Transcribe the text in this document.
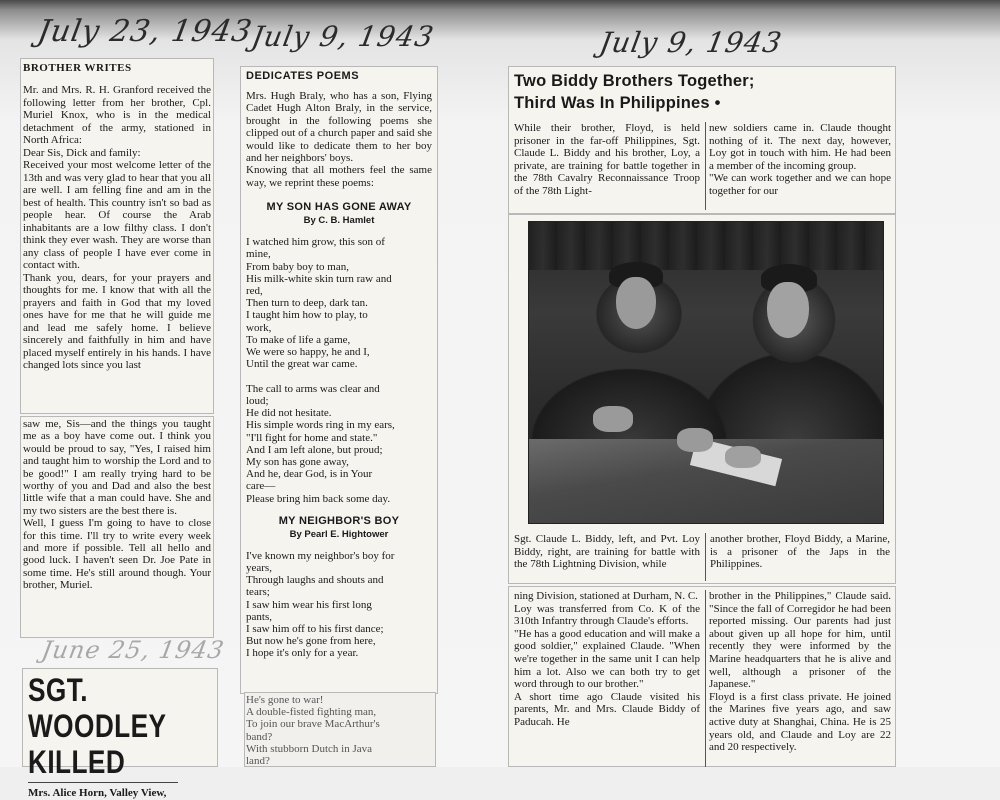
July 23, 1943
July 9, 1943	July 9, 1943

BROTHER WRITES

Mr. and Mrs. R. H. Granford received the following letter from her brother, Cpl. Muriel Knox, who is in the medical detachment of the army, stationed in North Africa:
Dear Sis, Dick and family:
Received your most welcome letter of the 13th and was very glad to hear that you all are well. I am felling fine and am in the best of health. This country isn't so bad as people hear. Of course the Arab inhabitants are a low filthy class. I don't think they ever wash. They are worse than any class of people I have ever come in contact with.
Thank you, dears, for your prayers and thoughts for me. I know that with all the prayers and faith in God that my loved ones have for me that he will guide me and lead me safely home. I believe sincerely and faithfully in him and have placed myself entirely in his hands. I have changed lots since you last

saw me, Sis—and the things you taught me as a boy have come out. I think you would be proud to say, "Yes, I raised him and taught him to worship the Lord and to be good!" I am really trying hard to be worthy of you and Dad and also the best little wife that a man could have. She and my two sisters are the best there is.
Well, I guess I'm going to have to close for this time. I'll try to write every week and more if possible. Tell all hello and good luck. I haven't seen Dr. Joe Pate in some time. He's still around though. Your brother, Muriel.

June 25, 1943

SGT. WOODLEY

KILLED

Mrs. Alice Horn, Valley View,

DEDICATES POEMS

Mrs. Hugh Braly, who has a son, Flying Cadet Hugh Alton Braly, in the service, brought in the following poems she clipped out of a church paper and said she would like to dedicate them to her boy and her neighbors' boys.
Knowing that all mothers feel the same way, we reprint these poems:

MY SON HAS GONE AWAY

By C. B. Hamlet

I watched him grow, this son of
mine,
From baby boy to man,
His milk-white skin turn raw and
red,
Then turn to deep, dark tan.
I taught him how to play, to
work,
To make of life a game,
We were so happy, he and I,
Until the great war came.

The call to arms was clear and
loud;
He did not hesitate.
His simple words ring in my ears,
"I'll fight for home and state."
And I am left alone, but proud;
My son has gone away,
And he, dear God, is in Your
care—
Please bring him back some day.

MY NEIGHBOR'S BOY

By Pearl E. Hightower

I've known my neighbor's boy for
years,
Through laughs and shouts and
tears;
I saw him wear his first long
pants,
I saw him off to his first dance;
But now he's gone from here,
I hope it's only for a year.

He's gone to war!
A double-fisted fighting man,
To join our brave MacArthur's
band?
With stubborn Dutch in Java
land?

Two Biddy Brothers Together;

Third Was In Philippines •

While their brother, Floyd, is held prisoner in the far-off Philippines, Sgt. Claude L. Biddy and his brother, Loy, a private, are training for battle together in the 78th Cavalry Reconnaissance Troop of the 78th Light-

new soldiers came in. Claude thought nothing of it. The next day, however, Loy got in touch with him. He had been a member of the incoming group.
"We can work together and we can hope together for our

Sgt. Claude L. Biddy, left, and Pvt. Loy Biddy, right, are training for battle with the 78th Lightning Division, while

another brother, Floyd Biddy, a Marine, is a prisoner of the Japs in the Philippines.

ning Division, stationed at Durham, N. C.
Loy was transferred from Co. K of the 310th Infantry through Claude's efforts.
"He has a good education and will make a good soldier," explained Claude. "When we're together in the same unit I can help him a lot. Also we can both try to get word through to our brother."
A short time ago Claude visited his parents, Mr. and Mrs. Claude Biddy of Paducah. He

brother in the Philippines," Claude said. "Since the fall of Corregidor he had been reported missing. Our parents had just about given up all hope for him, until recently they were informed by the Marine headquarters that he is alive and well, although a prisoner of the Japanese."
Floyd is a first class private. He joined the Marines five years ago, and saw active duty at Shanghai, China. He is 25 years old, and Claude and Loy are 22 and 20 respectively.
